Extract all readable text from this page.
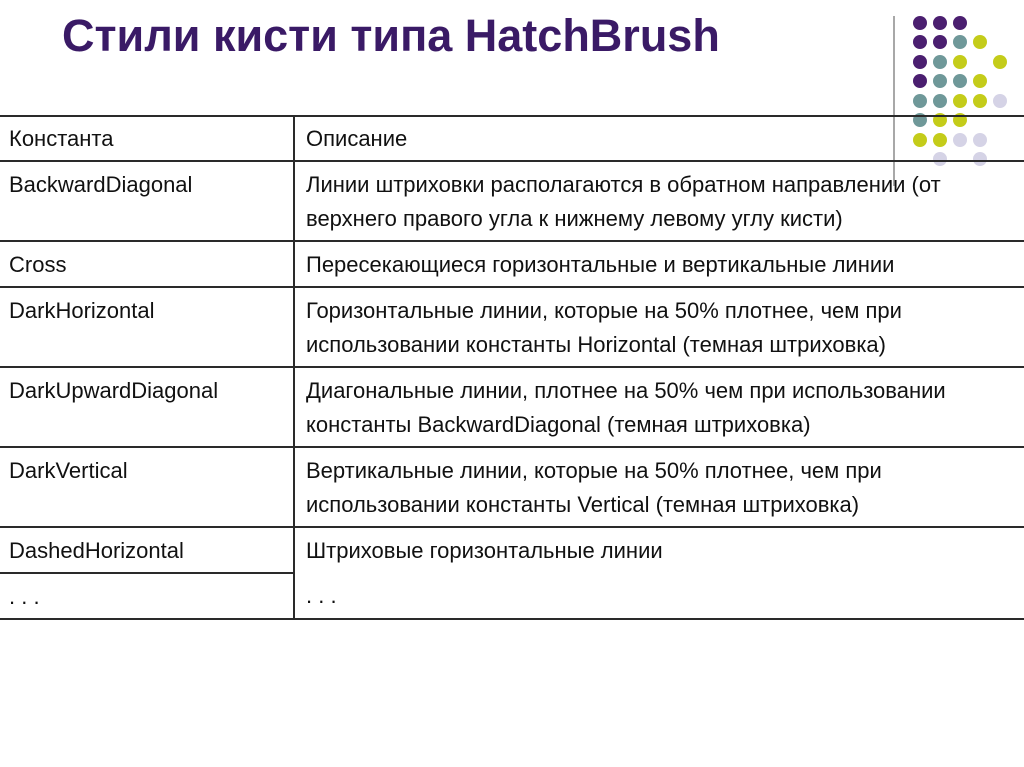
Стили кисти типа HatchBrush
Константа	Описание
BackwardDiagonal	Линии штриховки располагаются в обратном направлении (от верхнего правого угла к нижнему левому углу кисти)
Cross	Пересекающиеся горизонтальные и вертикальные линии
DarkHorizontal	Горизонтальные линии, которые на 50% плотнее, чем при использовании константы Horizontal (темная штриховка)
DarkUpwardDiagonal	Диагональные линии, плотнее на 50% чем при использовании константы BackwardDiagonal (темная штриховка)
DarkVertical	Вертикальные линии, которые на 50% плотнее, чем при использовании константы Vertical (темная штриховка)
DashedHorizontal	Штриховые горизонтальные линии
. . .	. . .
